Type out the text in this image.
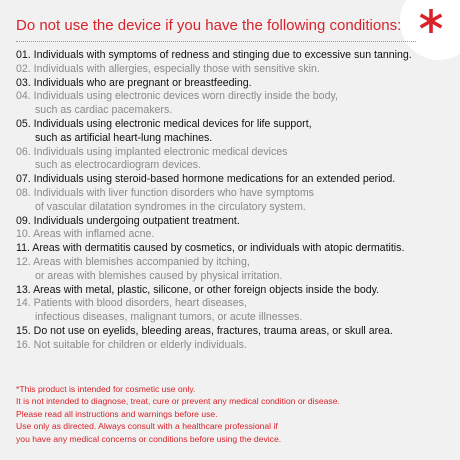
Do not use the device if you have the following conditions:
01. Individuals with symptoms of redness and stinging due to excessive sun tanning.
02. Individuals with allergies, especially those with sensitive skin.
03. Individuals who are pregnant or breastfeeding.
04. Individuals using electronic devices worn directly inside the body,
such as cardiac pacemakers.
05. Individuals using electronic medical devices for life support,
such as artificial heart-lung machines.
06. Individuals using implanted electronic medical devices
such as electrocardiogram devices.
07. Individuals using steroid-based hormone medications for an extended period.
08. Individuals with liver function disorders who have symptoms
of vascular dilatation syndromes in the circulatory system.
09. Individuals undergoing outpatient treatment.
10. Areas with inflamed acne.
11. Areas with dermatitis caused by cosmetics, or individuals with atopic dermatitis.
12. Areas with blemishes accompanied by itching,
or areas with blemishes caused by physical irritation.
13. Areas with metal, plastic, silicone, or other foreign objects inside the body.
14. Patients with blood disorders, heart diseases,
infectious diseases, malignant tumors, or acute illnesses.
15. Do not use on eyelids, bleeding areas, fractures, trauma areas, or skull area.
16. Not suitable for children or elderly individuals.
*This product is intended for cosmetic use only.
It is not intended to diagnose, treat, cure or prevent any medical condition or disease.
Please read all instructions and warnings before use.
Use only as directed. Always consult with a healthcare professional if
you have any medical concerns or conditions before using the device.
